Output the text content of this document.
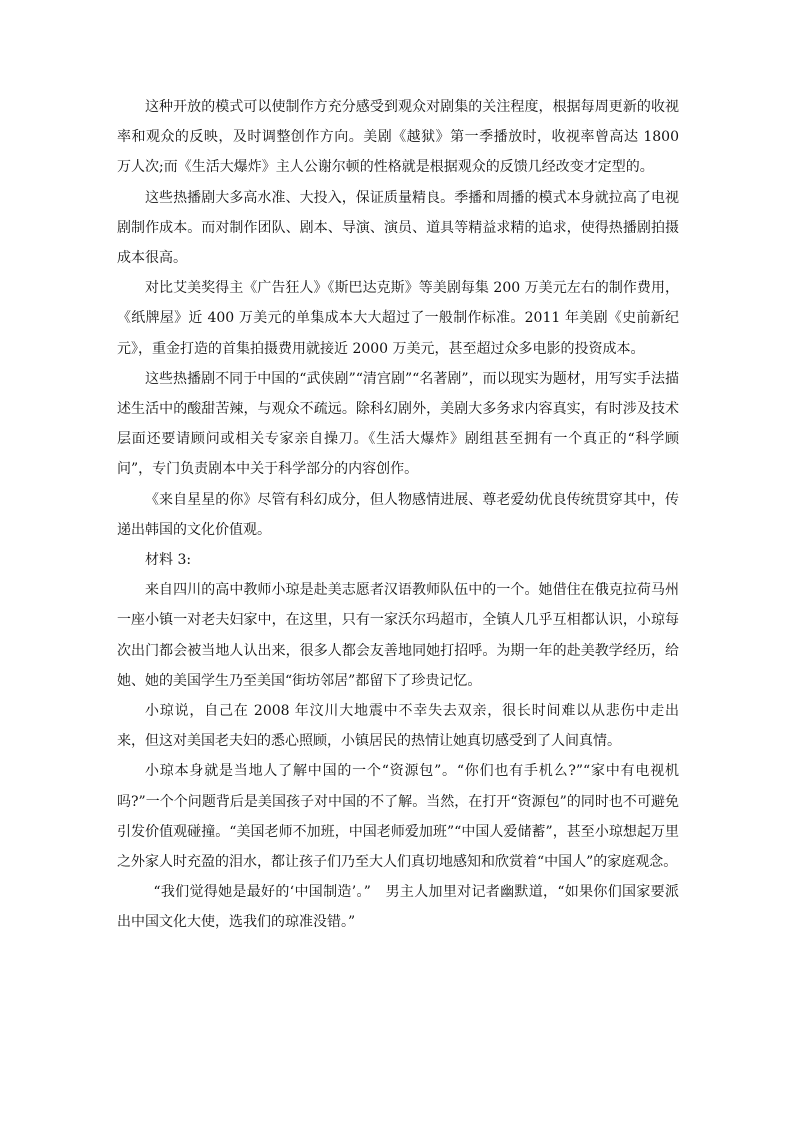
这种开放的模式可以使制作方充分感受到观众对剧集的关注程度，根据每周更新的收视率和观众的反映，及时调整创作方向。美剧《越狱》第一季播放时，收视率曾高达 1800 万人次;而《生活大爆炸》主人公谢尔顿的性格就是根据观众的反馈几经改变才定型的。

这些热播剧大多高水准、大投入，保证质量精良。季播和周播的模式本身就拉高了电视剧制作成本。而对制作团队、剧本、导演、演员、道具等精益求精的追求，使得热播剧拍摄成本很高。

对比艾美奖得主《广告狂人》《斯巴达克斯》等美剧每集 200 万美元左右的制作费用，《纸牌屋》近 400 万美元的单集成本大大超过了一般制作标准。2011 年美剧《史前新纪元》，重金打造的首集拍摄费用就接近 2000 万美元，甚至超过众多电影的投资成本。

这些热播剧不同于中国的“武侠剧”“清宫剧”“名著剧”，而以现实为题材，用写实手法描述生活中的酸甜苦辣，与观众不疏远。除科幻剧外，美剧大多务求内容真实，有时涉及技术层面还要请顾问或相关专家亲自操刀。《生活大爆炸》剧组甚至拥有一个真正的“科学顾问”，专门负责剧本中关于科学部分的内容创作。

《来自星星的你》尽管有科幻成分，但人物感情进展、尊老爱幼优良传统贯穿其中，传递出韩国的文化价值观。

材料 3:

来自四川的高中教师小琼是赴美志愿者汉语教师队伍中的一个。她借住在俄克拉荷马州一座小镇一对老夫妇家中，在这里，只有一家沃尔玛超市，全镇人几乎互相都认识，小琼每次出门都会被当地人认出来，很多人都会友善地同她打招呼。为期一年的赴美教学经历，给她、她的美国学生乃至美国“街坊邻居”都留下了珍贵记忆。

小琼说，自己在 2008 年汶川大地震中不幸失去双亲，很长时间难以从悲伤中走出来，但这对美国老夫妇的悉心照顾，小镇居民的热情让她真切感受到了人间真情。

小琼本身就是当地人了解中国的一个“资源包”。“你们也有手机么?”“家中有电视机吗?”一个个问题背后是美国孩子对中国的不了解。当然，在打开“资源包”的同时也不可避免引发价值观碰撞。“美国老师不加班，中国老师爱加班”“中国人爱储蓄”，甚至小琼想起万里之外家人时充盈的泪水，都让孩子们乃至大人们真切地感知和欣赏着“中国人”的家庭观念。

“我们觉得她是最好的‘中国制造’。”　男主人加里对记者幽默道，“如果你们国家要派出中国文化大使，选我们的琼准没错。”
